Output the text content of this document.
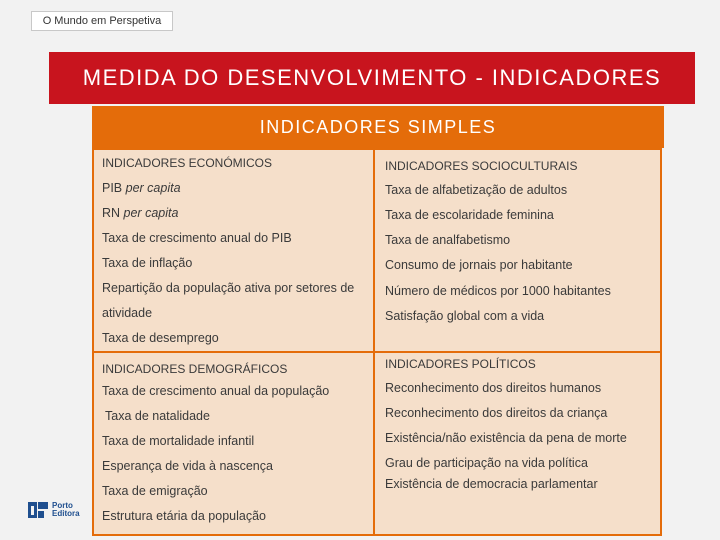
O Mundo em Perspetiva
MEDIDA DO DESENVOLVIMENTO - INDICADORES
INDICADORES SIMPLES
INDICADORES ECONÓMICOS
PIB per capita
RN per capita
Taxa de crescimento anual do PIB
Taxa de inflação
Repartição da população ativa por setores de
atividade
Taxa de desemprego
INDICADORES SOCIOCULTURAIS
Taxa de alfabetização de adultos
Taxa de escolaridade feminina
Taxa de analfabetismo
Consumo de jornais por habitante
Número de médicos por 1000 habitantes
Satisfação global com a vida
INDICADORES DEMOGRÁFICOS
Taxa de crescimento anual da população
Taxa de natalidade
Taxa de mortalidade infantil
Esperança de vida à nascença
Taxa de emigração
Estrutura etária da população
INDICADORES POLÍTICOS
Reconhecimento dos direitos humanos
Reconhecimento dos direitos da criança
Existência/não existência da pena de morte
Grau de participação na vida política
Existência de democracia parlamentar
Porto
Editora
